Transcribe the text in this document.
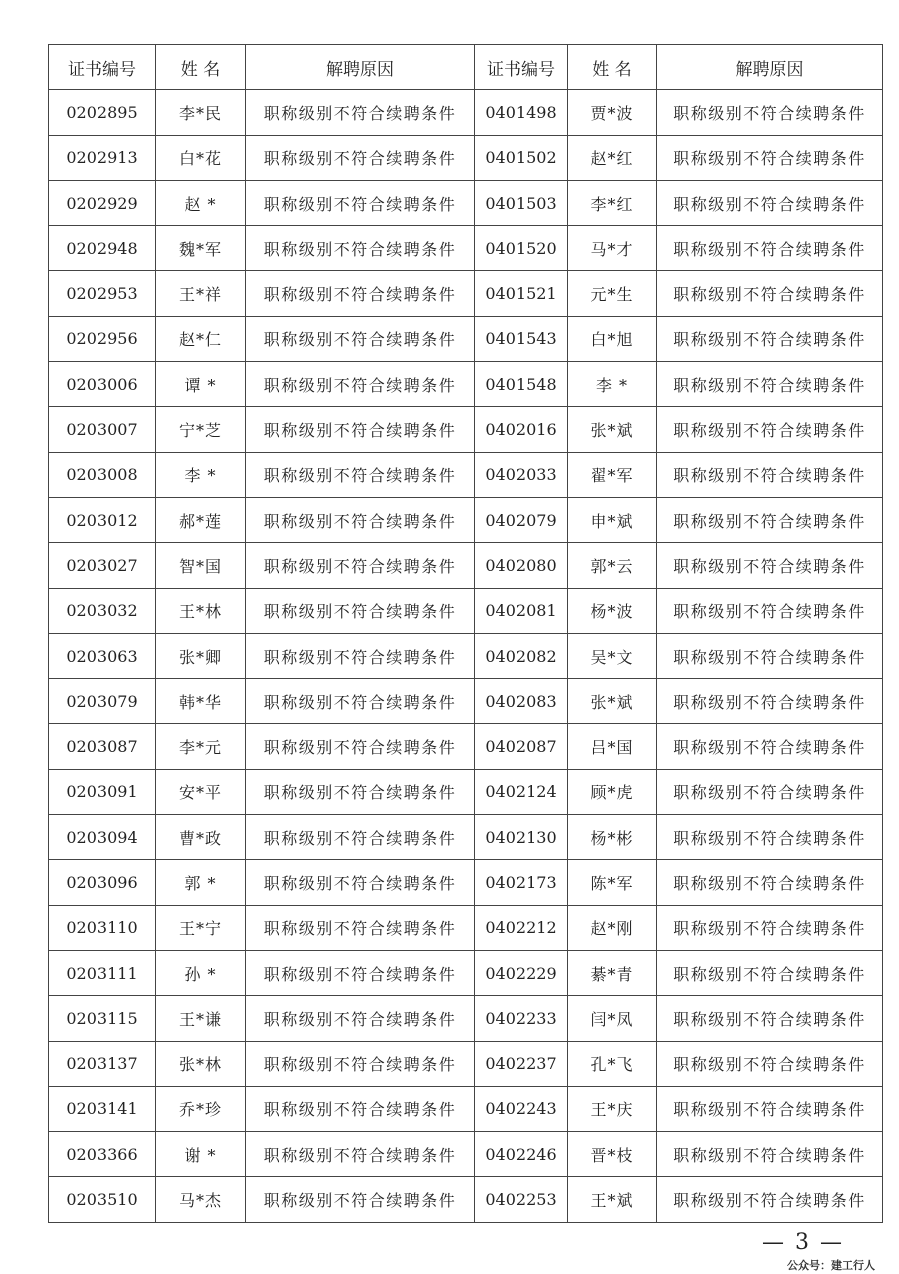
证书编号	姓 名	解聘原因	证书编号	姓 名	解聘原因
0202895	李*民	职称级别不符合续聘条件	0401498	贾*波	职称级别不符合续聘条件
0202913	白*花	职称级别不符合续聘条件	0401502	赵*红	职称级别不符合续聘条件
0202929	赵 *	职称级别不符合续聘条件	0401503	李*红	职称级别不符合续聘条件
0202948	魏*军	职称级别不符合续聘条件	0401520	马*才	职称级别不符合续聘条件
0202953	王*祥	职称级别不符合续聘条件	0401521	元*生	职称级别不符合续聘条件
0202956	赵*仁	职称级别不符合续聘条件	0401543	白*旭	职称级别不符合续聘条件
0203006	谭 *	职称级别不符合续聘条件	0401548	李 *	职称级别不符合续聘条件
0203007	宁*芝	职称级别不符合续聘条件	0402016	张*斌	职称级别不符合续聘条件
0203008	李 *	职称级别不符合续聘条件	0402033	翟*军	职称级别不符合续聘条件
0203012	郝*莲	职称级别不符合续聘条件	0402079	申*斌	职称级别不符合续聘条件
0203027	智*国	职称级别不符合续聘条件	0402080	郭*云	职称级别不符合续聘条件
0203032	王*林	职称级别不符合续聘条件	0402081	杨*波	职称级别不符合续聘条件
0203063	张*卿	职称级别不符合续聘条件	0402082	吴*文	职称级别不符合续聘条件
0203079	韩*华	职称级别不符合续聘条件	0402083	张*斌	职称级别不符合续聘条件
0203087	李*元	职称级别不符合续聘条件	0402087	吕*国	职称级别不符合续聘条件
0203091	安*平	职称级别不符合续聘条件	0402124	顾*虎	职称级别不符合续聘条件
0203094	曹*政	职称级别不符合续聘条件	0402130	杨*彬	职称级别不符合续聘条件
0203096	郭 *	职称级别不符合续聘条件	0402173	陈*军	职称级别不符合续聘条件
0203110	王*宁	职称级别不符合续聘条件	0402212	赵*刚	职称级别不符合续聘条件
0203111	孙 *	职称级别不符合续聘条件	0402229	綦*青	职称级别不符合续聘条件
0203115	王*谦	职称级别不符合续聘条件	0402233	闫*凤	职称级别不符合续聘条件
0203137	张*林	职称级别不符合续聘条件	0402237	孔*飞	职称级别不符合续聘条件
0203141	乔*珍	职称级别不符合续聘条件	0402243	王*庆	职称级别不符合续聘条件
0203366	谢 *	职称级别不符合续聘条件	0402246	晋*枝	职称级别不符合续聘条件
0203510	马*杰	职称级别不符合续聘条件	0402253	王*斌	职称级别不符合续聘条件
— 3 —
公众号：建工行人
